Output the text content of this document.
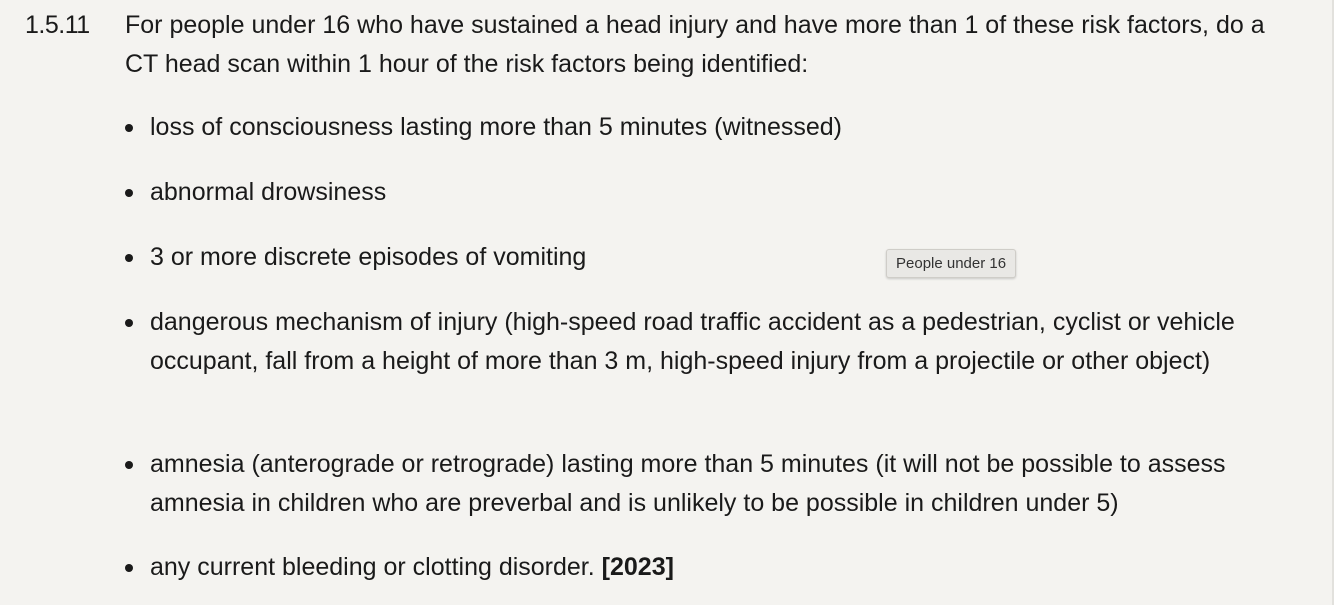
1.5.11 For people under 16 who have sustained a head injury and have more than 1 of these risk factors, do a CT head scan within 1 hour of the risk factors being identified:

loss of consciousness lasting more than 5 minutes (witnessed)
abnormal drowsiness
3 or more discrete episodes of vomiting
dangerous mechanism of injury (high-speed road traffic accident as a pedestrian, cyclist or vehicle occupant, fall from a height of more than 3 m, high-speed injury from a projectile or other object)
amnesia (anterograde or retrograde) lasting more than 5 minutes (it will not be possible to assess amnesia in children who are preverbal and is unlikely to be possible in children under 5)
any current bleeding or clotting disorder. [2023]
People under 16
